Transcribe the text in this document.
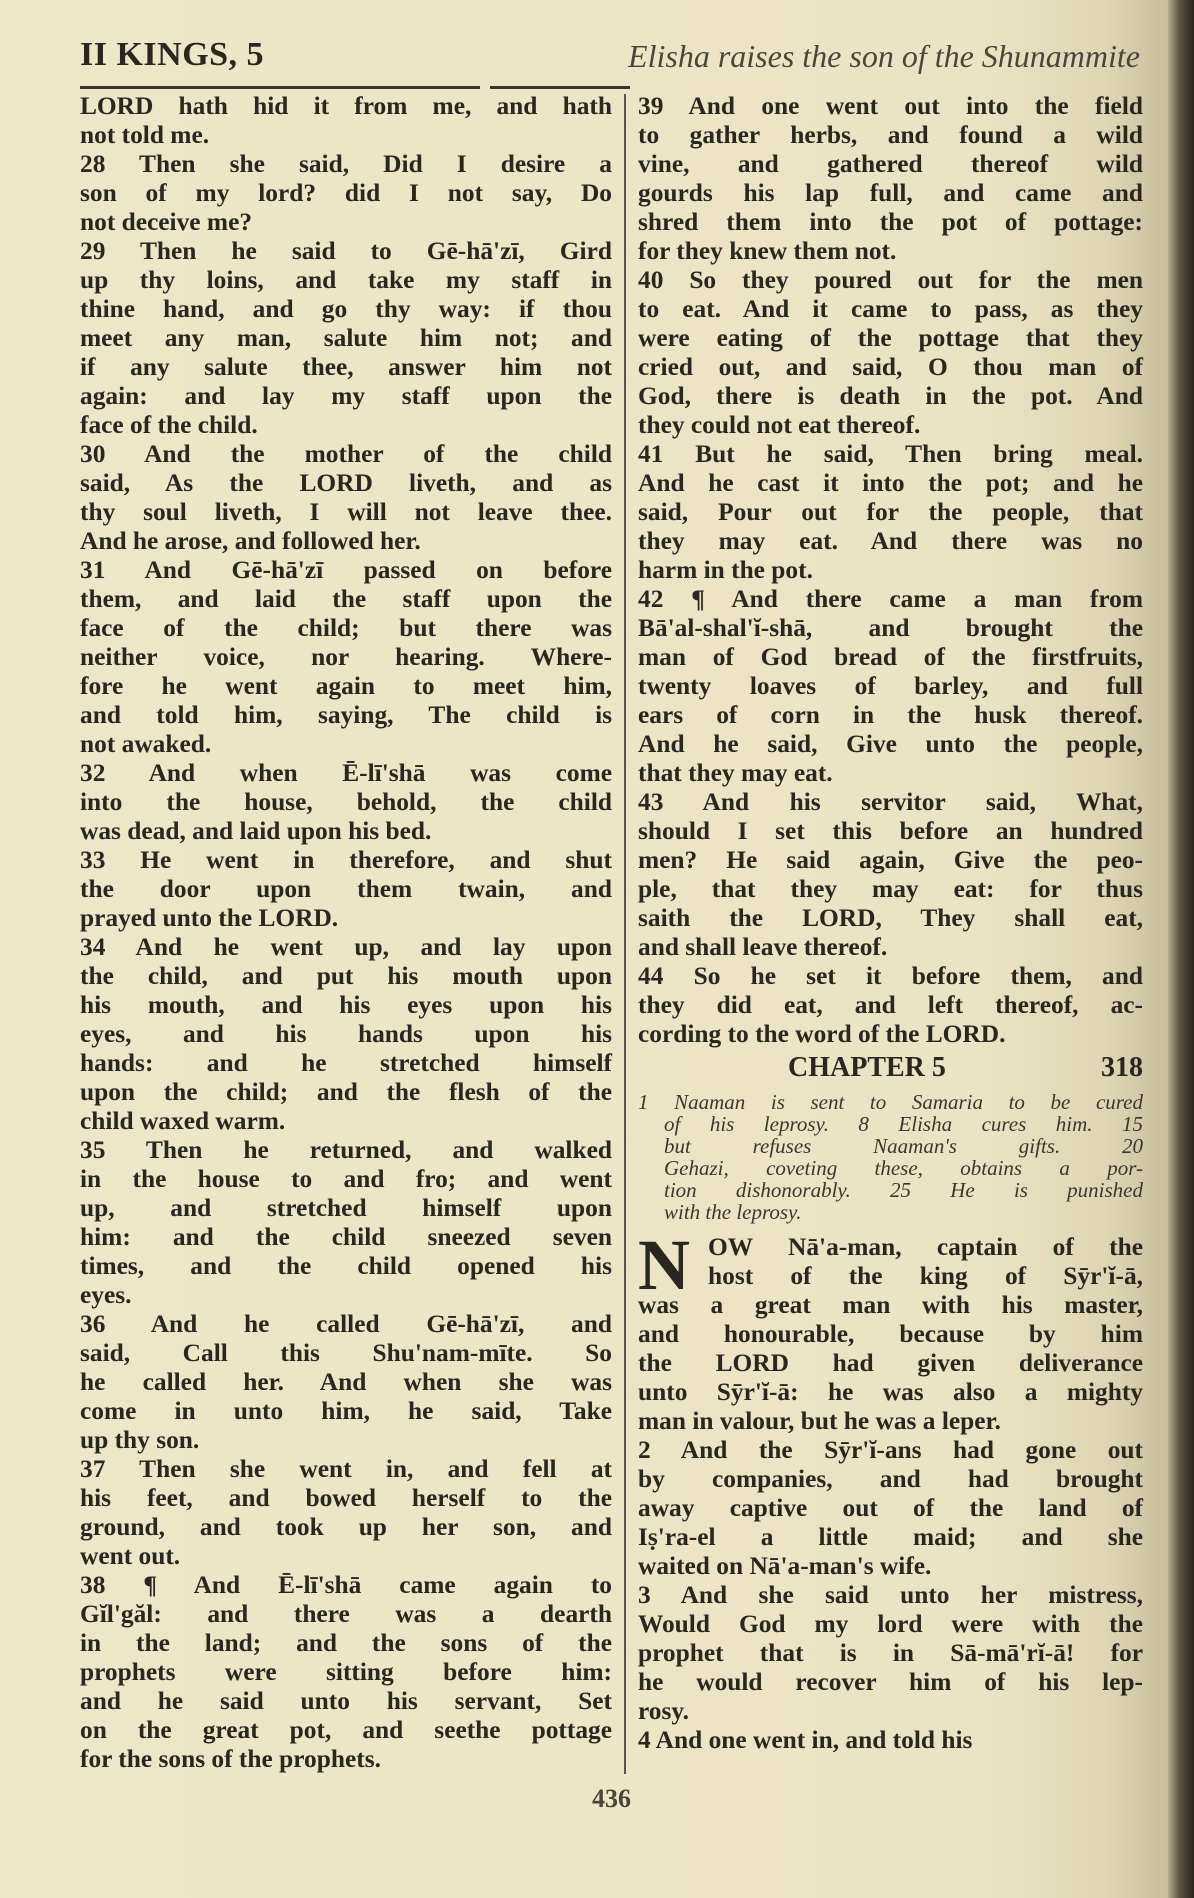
II KINGS, 5	Elisha raises the son of the Shunammite
LORD hath hid it from me, and hath
not told me.
28 Then she said, Did I desire a
son of my lord? did I not say, Do
not deceive me?
29 Then he said to Gē-hā'zī, Gird
up thy loins, and take my staff in
thine hand, and go thy way: if thou
meet any man, salute him not; and
if any salute thee, answer him not
again: and lay my staff upon the
face of the child.
30 And the mother of the child
said, As the LORD liveth, and as
thy soul liveth, I will not leave thee.
And he arose, and followed her.
31 And Gē-hā'zī passed on before
them, and laid the staff upon the
face of the child; but there was
neither voice, nor hearing. Where-
fore he went again to meet him,
and told him, saying, The child is
not awaked.
32 And when Ē-lī'shā was come
into the house, behold, the child
was dead, and laid upon his bed.
33 He went in therefore, and shut
the door upon them twain, and
prayed unto the LORD.
34 And he went up, and lay upon
the child, and put his mouth upon
his mouth, and his eyes upon his
eyes, and his hands upon his
hands: and he stretched himself
upon the child; and the flesh of the
child waxed warm.
35 Then he returned, and walked
in the house to and fro; and went
up, and stretched himself upon
him: and the child sneezed seven
times, and the child opened his
eyes.
36 And he called Gē-hā'zī, and
said, Call this Shu'nam-mīte. So
he called her. And when she was
come in unto him, he said, Take
up thy son.
37 Then she went in, and fell at
his feet, and bowed herself to the
ground, and took up her son, and
went out.
38 ¶ And Ē-lī'shā came again to
Gĭl'găl: and there was a dearth
in the land; and the sons of the
prophets were sitting before him:
and he said unto his servant, Set
on the great pot, and seethe pottage
for the sons of the prophets.
39 And one went out into the field
to gather herbs, and found a wild
vine, and gathered thereof wild
gourds his lap full, and came and
shred them into the pot of pottage:
for they knew them not.
40 So they poured out for the men
to eat. And it came to pass, as they
were eating of the pottage that they
cried out, and said, O thou man of
God, there is death in the pot. And
they could not eat thereof.
41 But he said, Then bring meal.
And he cast it into the pot; and he
said, Pour out for the people, that
they may eat. And there was no
harm in the pot.
42 ¶ And there came a man from
Bā'al-shal'ĭ-shā, and brought the
man of God bread of the firstfruits,
twenty loaves of barley, and full
ears of corn in the husk thereof.
And he said, Give unto the people,
that they may eat.
43 And his servitor said, What,
should I set this before an hundred
men? He said again, Give the peo-
ple, that they may eat: for thus
saith the LORD, They shall eat,
and shall leave thereof.
44 So he set it before them, and
they did eat, and left thereof, ac-
cording to the word of the LORD.
CHAPTER 5	318
1 Naaman is sent to Samaria to be cured
of his leprosy. 8 Elisha cures him. 15
but refuses Naaman's gifts. 20
Gehazi, coveting these, obtains a por-
tion dishonorably. 25 He is punished
with the leprosy.
N OW Nā'a-man, captain of the
host of the king of Sȳr'ĭ-ā,
was a great man with his master,
and honourable, because by him
the LORD had given deliverance
unto Sȳr'ĭ-ā: he was also a mighty
man in valour, but he was a leper.
2 And the Sȳr'ĭ-ans had gone out
by companies, and had brought
away captive out of the land of
Iṣ'ra-el a little maid; and she
waited on Nā'a-man's wife.
3 And she said unto her mistress,
Would God my lord were with the
prophet that is in Sā-mā'rĭ-ā! for
he would recover him of his lep-
rosy.
4 And one went in, and told his
436
